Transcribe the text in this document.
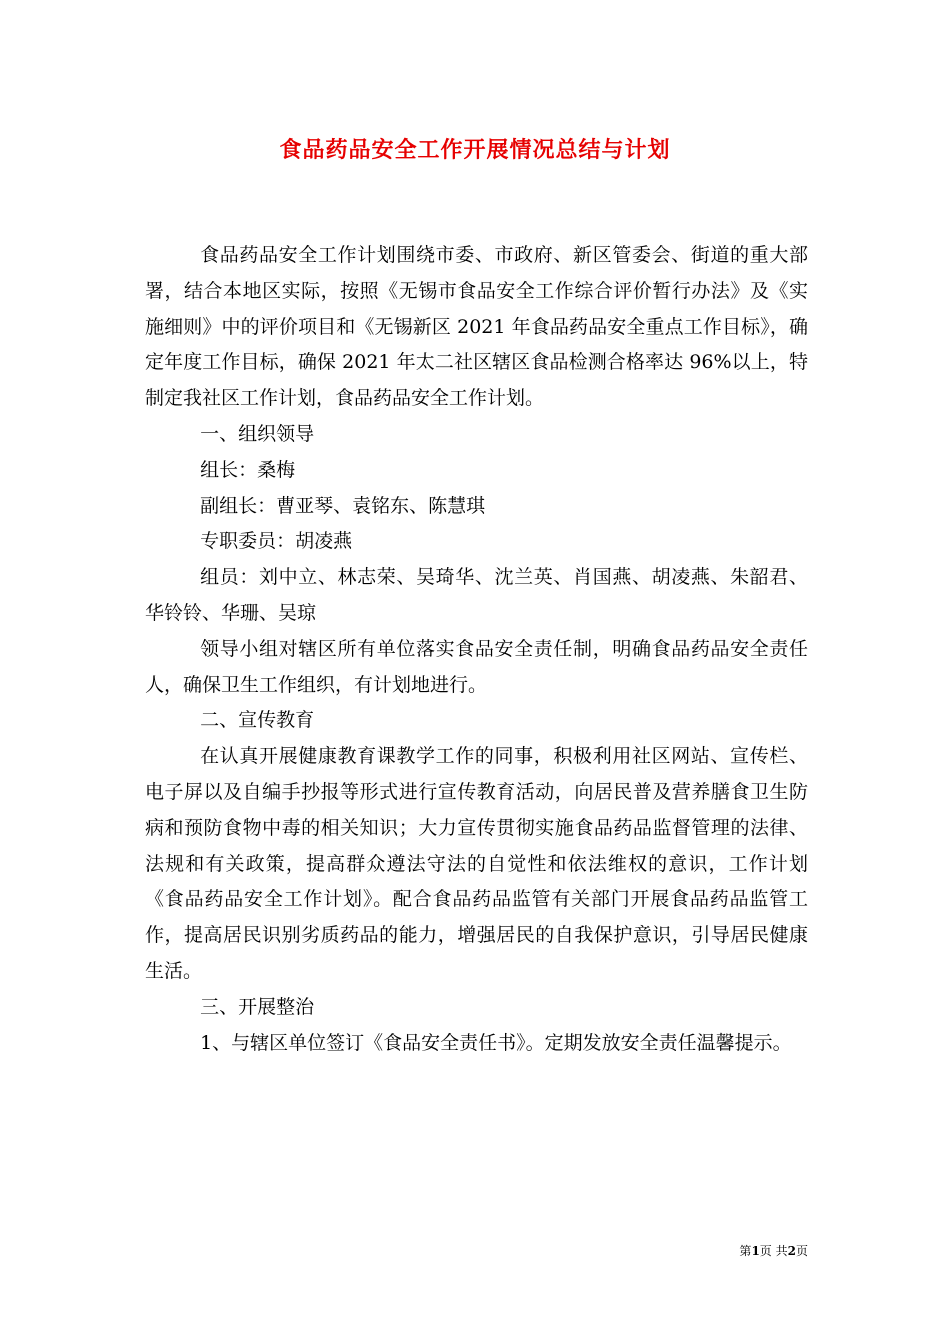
食品药品安全工作开展情况总结与计划

食品药品安全工作计划围绕市委、市政府、新区管委会、街道的重大部署，结合本地区实际，按照《无锡市食品安全工作综合评价暂行办法》及《实施细则》中的评价项目和《无锡新区 2021 年食品药品安全重点工作目标》，确定年度工作目标，确保 2021 年太二社区辖区食品检测合格率达 96%以上，特制定我社区工作计划，食品药品安全工作计划。

一、组织领导

组长：桑梅

副组长：曹亚琴、袁铭东、陈慧琪

专职委员：胡凌燕

组员：刘中立、林志荣、吴琦华、沈兰英、肖国燕、胡凌燕、朱韶君、华铃铃、华珊、吴琼

领导小组对辖区所有单位落实食品安全责任制，明确食品药品安全责任人，确保卫生工作组织，有计划地进行。

二、宣传教育

在认真开展健康教育课教学工作的同事，积极利用社区网站、宣传栏、电子屏以及自编手抄报等形式进行宣传教育活动，向居民普及营养膳食卫生防病和预防食物中毒的相关知识；大力宣传贯彻实施食品药品监督管理的法律、法规和有关政策，提高群众遵法守法的自觉性和依法维权的意识，工作计划《食品药品安全工作计划》。配合食品药品监管有关部门开展食品药品监管工作，提高居民识别劣质药品的能力，增强居民的自我保护意识，引导居民健康生活。

三、开展整治

1、与辖区单位签订《食品安全责任书》。定期发放安全责任温馨提示。

第1页 共2页
